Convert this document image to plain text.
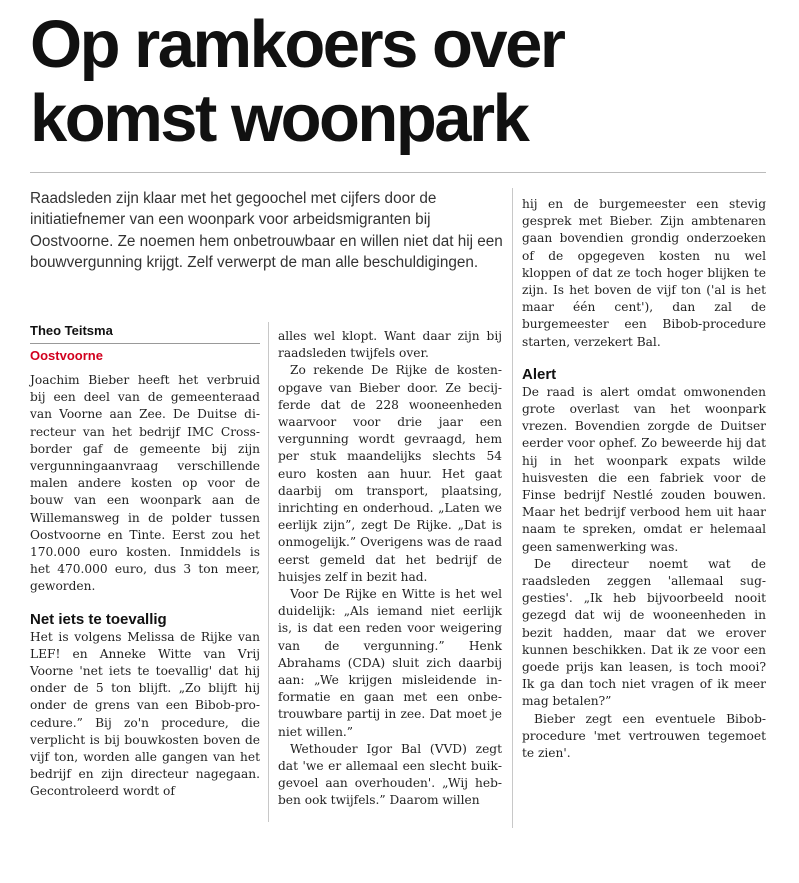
Op ramkoers over
komst woonpark

Raadsleden zijn klaar met het gegoochel met cijfers door de initiatiefnemer van een woonpark voor arbeidsmigranten bij Oostvoorne. Ze noemen hem onbetrouwbaar en willen niet dat hij een bouwvergunning krijgt. Zelf verwerpt de man alle beschuldigingen.

Theo Teitsma
Oostvoorne

Joachim Bieber heeft het verbruid bij een deel van de gemeenteraad van Voorne aan Zee. De Duitse directeur van het bedrijf IMC Cross-border gaf de gemeente bij zijn vergunningaanvraag verschillende malen andere kosten op voor de bouw van een woonpark aan de Willemansweg in de polder tussen Oostvoorne en Tinte. Eerst zou het 170.000 euro kosten. Inmiddels is het 470.000 euro, dus 3 ton meer, geworden.

Net iets te toevallig

Het is volgens Melissa de Rijke van LEF! en Anneke Witte van Vrij Voorne 'net iets te toevallig' dat hij onder de 5 ton blijft. „Zo blijft hij onder de grens van een Bibob-procedure.” Bij zo'n procedure, die verplicht is bij bouwkosten boven de vijf ton, worden alle gangen van het bedrijf en zijn directeur nagegaan. Gecontroleerd wordt of

alles wel klopt. Want daar zijn bij raadsleden twijfels over.

Zo rekende De Rijke de kostenopgave van Bieber door. Ze becijferde dat de 228 wooneenheden waarvoor voor drie jaar een vergunning wordt gevraagd, hem per stuk maandelijks slechts 54 euro kosten aan huur. Het gaat daarbij om transport, plaatsing, inrichting en onderhoud. „Laten we eerlijk zijn”, zegt De Rijke. „Dat is onmogelijk.” Overigens was de raad eerst gemeld dat het bedrijf de huisjes zelf in bezit had.

Voor De Rijke en Witte is het wel duidelijk: „Als iemand niet eerlijk is, is dat een reden voor weigering van de vergunning.” Henk Abrahams (CDA) sluit zich daarbij aan: „We krijgen misleidende informatie en gaan met een onbetrouwbare partij in zee. Dat moet je niet willen.”

Wethouder Igor Bal (VVD) zegt dat 'we er allemaal een slecht buikgevoel aan overhouden'. „Wij hebben ook twijfels.” Daarom willen

hij en de burgemeester een stevig gesprek met Bieber. Zijn ambtenaren gaan bovendien grondig onderzoeken of de opgegeven kosten nu wel kloppen of dat ze toch hoger blijken te zijn. Is het boven de vijf ton ('al is het maar één cent'), dan zal de burgemeester een Bibob-procedure starten, verzekert Bal.

Alert

De raad is alert omdat omwonenden grote overlast van het woonpark vrezen. Bovendien zorgde de Duitser eerder voor ophef. Zo beweerde hij dat hij in het woonpark expats wilde huisvesten die een fabriek voor de Finse bedrijf Nestlé zouden bouwen. Maar het bedrijf verbood hem uit haar naam te spreken, omdat er helemaal geen samenwerking was.

De directeur noemt wat de raadsleden zeggen 'allemaal suggesties'. „Ik heb bijvoorbeeld nooit gezegd dat wij de wooneenheden in bezit hadden, maar dat we erover kunnen beschikken. Dat ik ze voor een goede prijs kan leasen, is toch mooi? Ik ga dan toch niet vragen of ik meer mag betalen?”

Bieber zegt een eventuele Bibob-procedure 'met vertrouwen tegemoet te zien'.
